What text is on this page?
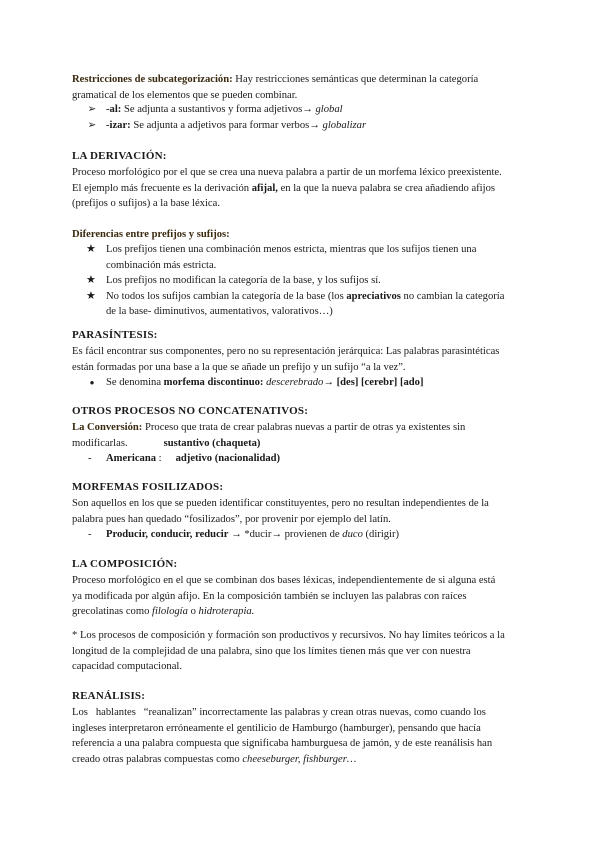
Restricciones de subcategorización: Hay restricciones semánticas que determinan la categoría
gramatical de los elementos que se pueden combinar.
➢ -al: Se adjunta a sustantivos y forma adjetivos→ global
➢ -izar: Se adjunta a adjetivos para formar verbos→ globalizar
LA DERIVACIÓN:
Proceso morfológico por el que se crea una nueva palabra a partir de un morfema léxico preexistente.
El ejemplo más frecuente es la derivación afijal, en la que la nueva palabra se crea añadiendo afijos
(prefijos o sufijos) a la base léxica.
Diferencias entre prefijos y sufijos:
★ Los prefijos tienen una combinación menos estricta, mientras que los sufijos tienen una
combinación más estricta.
★ Los prefijos no modifican la categoría de la base, y los sufijos sí.
★ No todos los sufijos cambian la categoría de la base (los apreciativos no cambian la categoría
de la base- diminutivos, aumentativos, valorativos…)
PARASÍNTESIS:
Es fácil encontrar sus componentes, pero no su representación jerárquica: Las palabras parasintéticas
están formadas por una base a la que se añade un prefijo y un sufijo “a la vez”.
●	Se denomina morfema discontinuo: descerebrado→ [des] [cerebr] [ado]
OTROS PROCESOS NO CONCATENATIVOS:
La Conversión: Proceso que trata de crear palabras nuevas a partir de otras ya existentes sin
modificarlas.	sustantivo (chaqueta)
- Americana : adjetivo (nacionalidad)
MORFEMAS FOSILIZADOS:
Son aquellos en los que se pueden identificar constituyentes, pero no resultan independientes de la
palabra pues han quedado “fosilizados”, por provenir por ejemplo del latín.
- Producir, conducir, reducir → *ducir→ provienen de duco (dirigir)
LA COMPOSICIÓN:
Proceso morfológico en el que se combinan dos bases léxicas, independientemente de si alguna está
ya modificada por algún afijo. En la composición también se incluyen las palabras con raíces
grecolatinas como filología o hidroterapia.
* Los procesos de composición y formación son productivos y recursivos. No hay límites teóricos a la
longitud de la complejidad de una palabra, sino que los límites tienen más que ver con nuestra
capacidad computacional.
REANÁLISIS:
Los   hablantes   “reanalizan” incorrectamente las palabras y crean otras nuevas, como cuando los
ingleses interpretaron erróneamente el gentilicio de Hamburgo (hamburger), pensando que hacía
referencia a una palabra compuesta que significaba hamburguesa de jamón, y de este reanálisis han
creado otras palabras compuestas como cheeseburger, fishburger…
